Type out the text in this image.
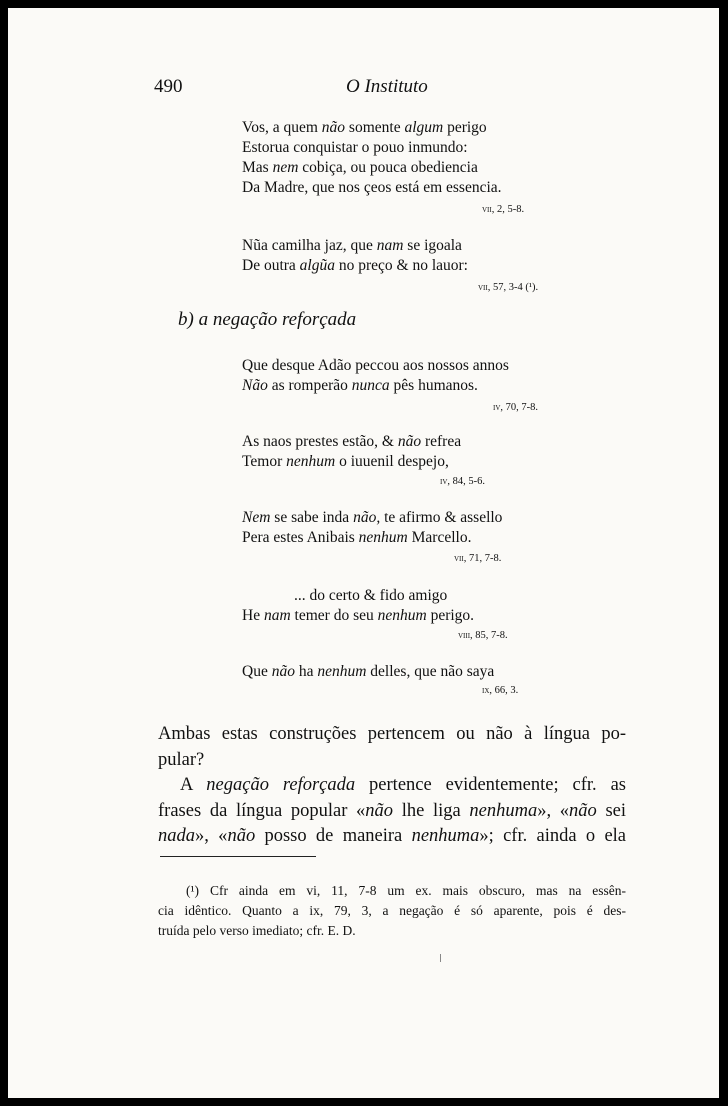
490	O Instituto
Vos, a quem não somente algum perigo
Estorua conquistar o pouo inmundo:
Mas nem cobiça, ou pouca obediencia
Da Madre, que nos çeos está em essencia.
vii, 2, 5-8.
Nũa camilha jaz, que nam se igoala
De outra algũa no preço & no lauor:
vii, 57, 3-4 (¹).
b) a negação reforçada
Que desque Adão peccou aos nossos annos
Não as romperão nunca pês humanos.
iv, 70, 7-8.
As naos prestes estão, & não refrea
Temor nenhum o iuuenil despejo,
iv, 84, 5-6.
Nem se sabe inda não, te afirmo & assello
Pera estes Anibais nenhum Marcello.
vii, 71, 7-8.
... do certo & fido amigo
He nam temer do seu nenhum perigo.
viii, 85, 7-8.
Que não ha nenhum delles, que não saya
ix, 66, 3.
Ambas estas construções pertencem ou não à língua po-
pular?
A negação reforçada pertence evidentemente; cfr. as
frases da língua popular «não lhe liga nenhuma», «não sei
nada», «não posso de maneira nenhuma»; cfr. ainda o ela
(¹) Cfr ainda em vi, 11, 7-8 um ex. mais obscuro, mas na essên-
cia idêntico. Quanto a ix, 79, 3, a negação é só aparente, pois é des-
truída pelo verso imediato; cfr. E. D.
